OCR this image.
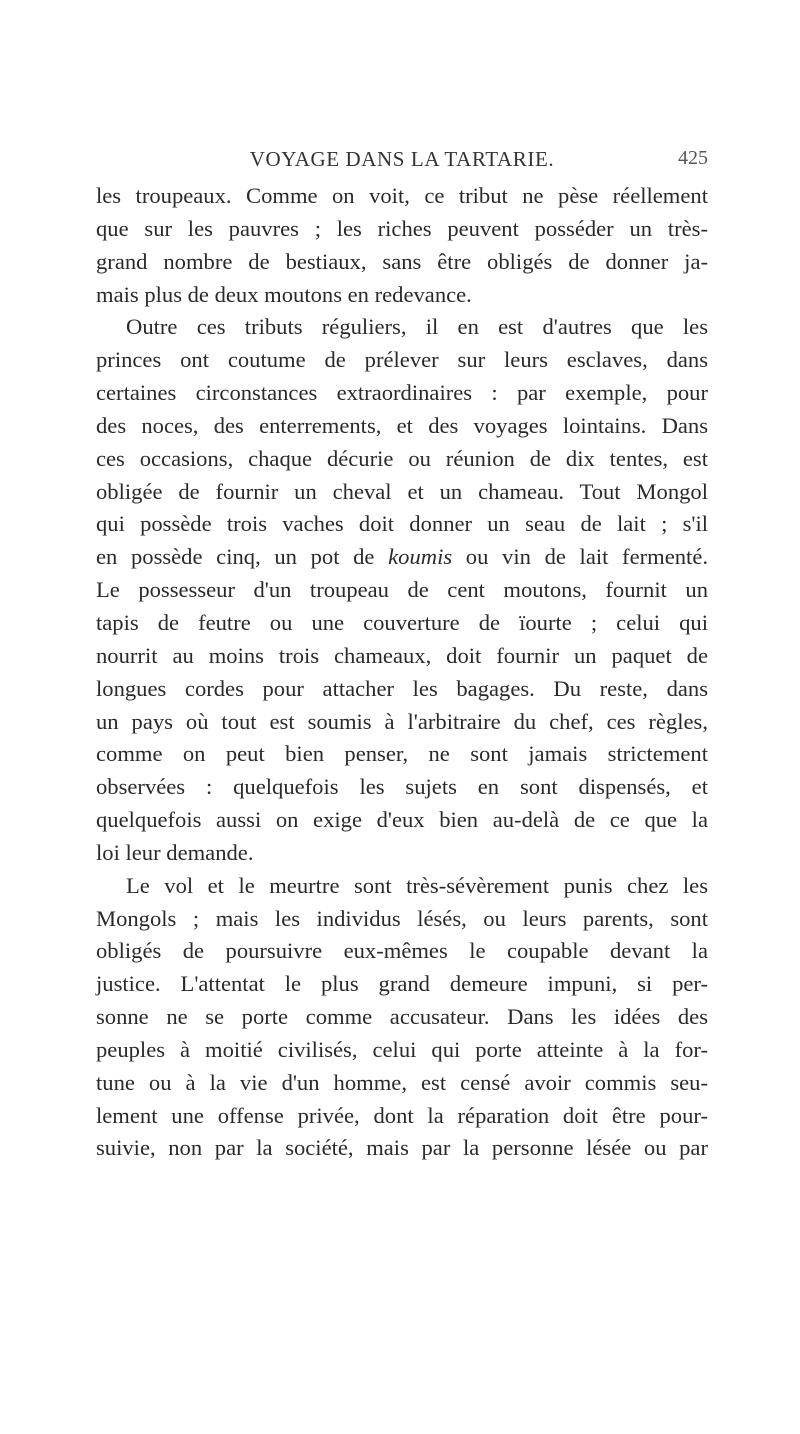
VOYAGE DANS LA TARTARIE.	425
les troupeaux. Comme on voit, ce tribut ne pèse réellement
que sur les pauvres ; les riches peuvent posséder un très-
grand nombre de bestiaux, sans être obligés de donner ja-
mais plus de deux moutons en redevance.
Outre ces tributs réguliers, il en est d'autres que les
princes ont coutume de prélever sur leurs esclaves, dans
certaines circonstances extraordinaires : par exemple, pour
des noces, des enterrements, et des voyages lointains. Dans
ces occasions, chaque décurie ou réunion de dix tentes, est
obligée de fournir un cheval et un chameau. Tout Mongol
qui possède trois vaches doit donner un seau de lait ; s'il
en possède cinq, un pot de koumis ou vin de lait fermenté.
Le possesseur d'un troupeau de cent moutons, fournit un
tapis de feutre ou une couverture de ïourte ; celui qui
nourrit au moins trois chameaux, doit fournir un paquet de
longues cordes pour attacher les bagages. Du reste, dans
un pays où tout est soumis à l'arbitraire du chef, ces règles,
comme on peut bien penser, ne sont jamais strictement
observées : quelquefois les sujets en sont dispensés, et
quelquefois aussi on exige d'eux bien au-delà de ce que la
loi leur demande.
Le vol et le meurtre sont très-sévèrement punis chez les
Mongols ; mais les individus lésés, ou leurs parents, sont
obligés de poursuivre eux-mêmes le coupable devant la
justice. L'attentat le plus grand demeure impuni, si per-
sonne ne se porte comme accusateur. Dans les idées des
peuples à moitié civilisés, celui qui porte atteinte à la for-
tune ou à la vie d'un homme, est censé avoir commis seu-
lement une offense privée, dont la réparation doit être pour-
suivie, non par la société, mais par la personne lésée ou par
